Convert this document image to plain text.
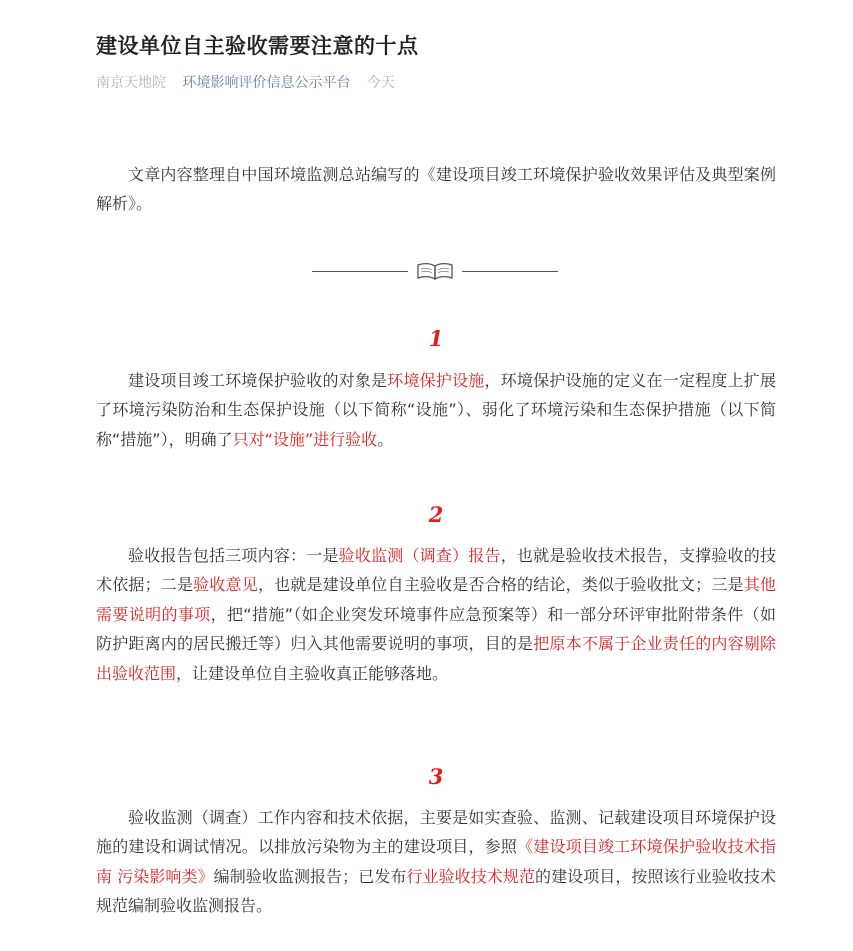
建设单位自主验收需要注意的十点
南京天地院 环境影响评价信息公示平台 今天

文章内容整理自中国环境监测总站编写的《建设项目竣工环境保护验收效果评估及典型案例解析》。

1

建设项目竣工环境保护验收的对象是环境保护设施，环境保护设施的定义在一定程度上扩展了环境污染防治和生态保护设施（以下简称“设施”）、弱化了环境污染和生态保护措施（以下简称“措施”），明确了只对“设施”进行验收。

2

验收报告包括三项内容：一是验收监测（调查）报告，也就是验收技术报告，支撑验收的技术依据；二是验收意见，也就是建设单位自主验收是否合格的结论，类似于验收批文；三是其他需要说明的事项，把“措施”（如企业突发环境事件应急预案等）和一部分环评审批附带条件（如防护距离内的居民搬迁等）归入其他需要说明的事项，目的是把原本不属于企业责任的内容剔除出验收范围，让建设单位自主验收真正能够落地。

3

验收监测（调查）工作内容和技术依据，主要是如实查验、监测、记载建设项目环境保护设施的建设和调试情况。以排放污染物为主的建设项目，参照《建设项目竣工环境保护验收技术指南 污染影响类》编制验收监测报告；已发布行业验收技术规范的建设项目，按照该行业验收技术规范编制验收监测报告。
